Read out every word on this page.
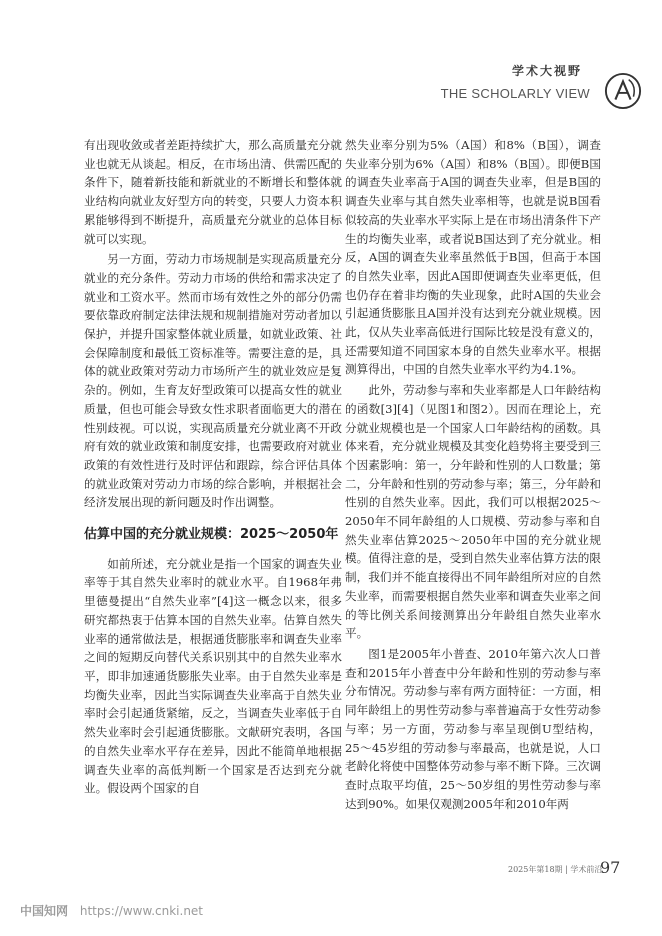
学术大视野
THE SCHOLARLY VIEW

有出现收敛或者差距持续扩大，那么高质量充分就业也就无从谈起。相反，在市场出清、供需匹配的条件下，随着新技能和新就业的不断增长和整体就业结构向就业友好型方向的转变，只要人力资本积累能够得到不断提升，高质量充分就业的总体目标就可以实现。

另一方面，劳动力市场规制是实现高质量充分就业的充分条件。劳动力市场的供给和需求决定了就业和工资水平。然而市场有效性之外的部分仍需要依靠政府制定法律法规和规制措施对劳动者加以保护，并提升国家整体就业质量，如就业政策、社会保障制度和最低工资标准等。需要注意的是，具体的就业政策对劳动力市场所产生的就业效应是复杂的。例如，生育友好型政策可以提高女性的就业质量，但也可能会导致女性求职者面临更大的潜在性别歧视。可以说，实现高质量充分就业离不开政府有效的就业政策和制度安排，也需要政府对就业政策的有效性进行及时评估和跟踪，综合评估具体的就业政策对劳动力市场的综合影响，并根据社会经济发展出现的新问题及时作出调整。

估算中国的充分就业规模：2025～2050年

如前所述，充分就业是指一个国家的调查失业率等于其自然失业率时的就业水平。自1968年弗里德曼提出“自然失业率”[4]这一概念以来，很多研究都热衷于估算本国的自然失业率。估算自然失业率的通常做法是，根据通货膨胀率和调查失业率之间的短期反向替代关系识别其中的自然失业率水平，即非加速通货膨胀失业率。由于自然失业率是均衡失业率，因此当实际调查失业率高于自然失业率时会引起通货紧缩，反之，当调查失业率低于自然失业率时会引起通货膨胀。文献研究表明，各国的自然失业率水平存在差异，因此不能简单地根据调查失业率的高低判断一个国家是否达到充分就业。假设两个国家的自

然失业率分别为5%（A国）和8%（B国），调查失业率分别为6%（A国）和8%（B国）。即便B国的调查失业率高于A国的调查失业率，但是B国的调查失业率与其自然失业率相等，也就是说B国看似较高的失业率水平实际上是在市场出清条件下产生的均衡失业率，或者说B国达到了充分就业。相反，A国的调查失业率虽然低于B国，但高于本国的自然失业率，因此A国即便调查失业率更低，但也仍存在着非均衡的失业现象，此时A国的失业会引起通货膨胀且A国并没有达到充分就业规模。因此，仅从失业率高低进行国际比较是没有意义的，还需要知道不同国家本身的自然失业率水平。根据测算得出，中国的自然失业率水平约为4.1%。

此外，劳动参与率和失业率都是人口年龄结构的函数[3][4]（见图1和图2）。因而在理论上，充分就业规模也是一个国家人口年龄结构的函数。具体来看，充分就业规模及其变化趋势将主要受到三个因素影响：第一，分年龄和性别的人口数量；第二，分年龄和性别的劳动参与率；第三，分年龄和性别的自然失业率。因此，我们可以根据2025～2050年不同年龄组的人口规模、劳动参与率和自然失业率估算2025～2050年中国的充分就业规模。值得注意的是，受到自然失业率估算方法的限制，我们并不能直接得出不同年龄组所对应的自然失业率，而需要根据自然失业率和调查失业率之间的等比例关系间接测算出分年龄组自然失业率水平。

图1是2005年小普查、2010年第六次人口普查和2015年小普查中分年龄和性别的劳动参与率分布情况。劳动参与率有两方面特征：一方面，相同年龄组上的男性劳动参与率普遍高于女性劳动参与率；另一方面，劳动参与率呈现倒U型结构，25～45岁组的劳动参与率最高，也就是说，人口老龄化将使中国整体劳动参与率不断下降。三次调查时点取平均值，25～50岁组的男性劳动参与率达到90%。如果仅观测2005年和2010年两

2025年第18期 | 学术前沿
97
中国知网 https://www.cnki.net
